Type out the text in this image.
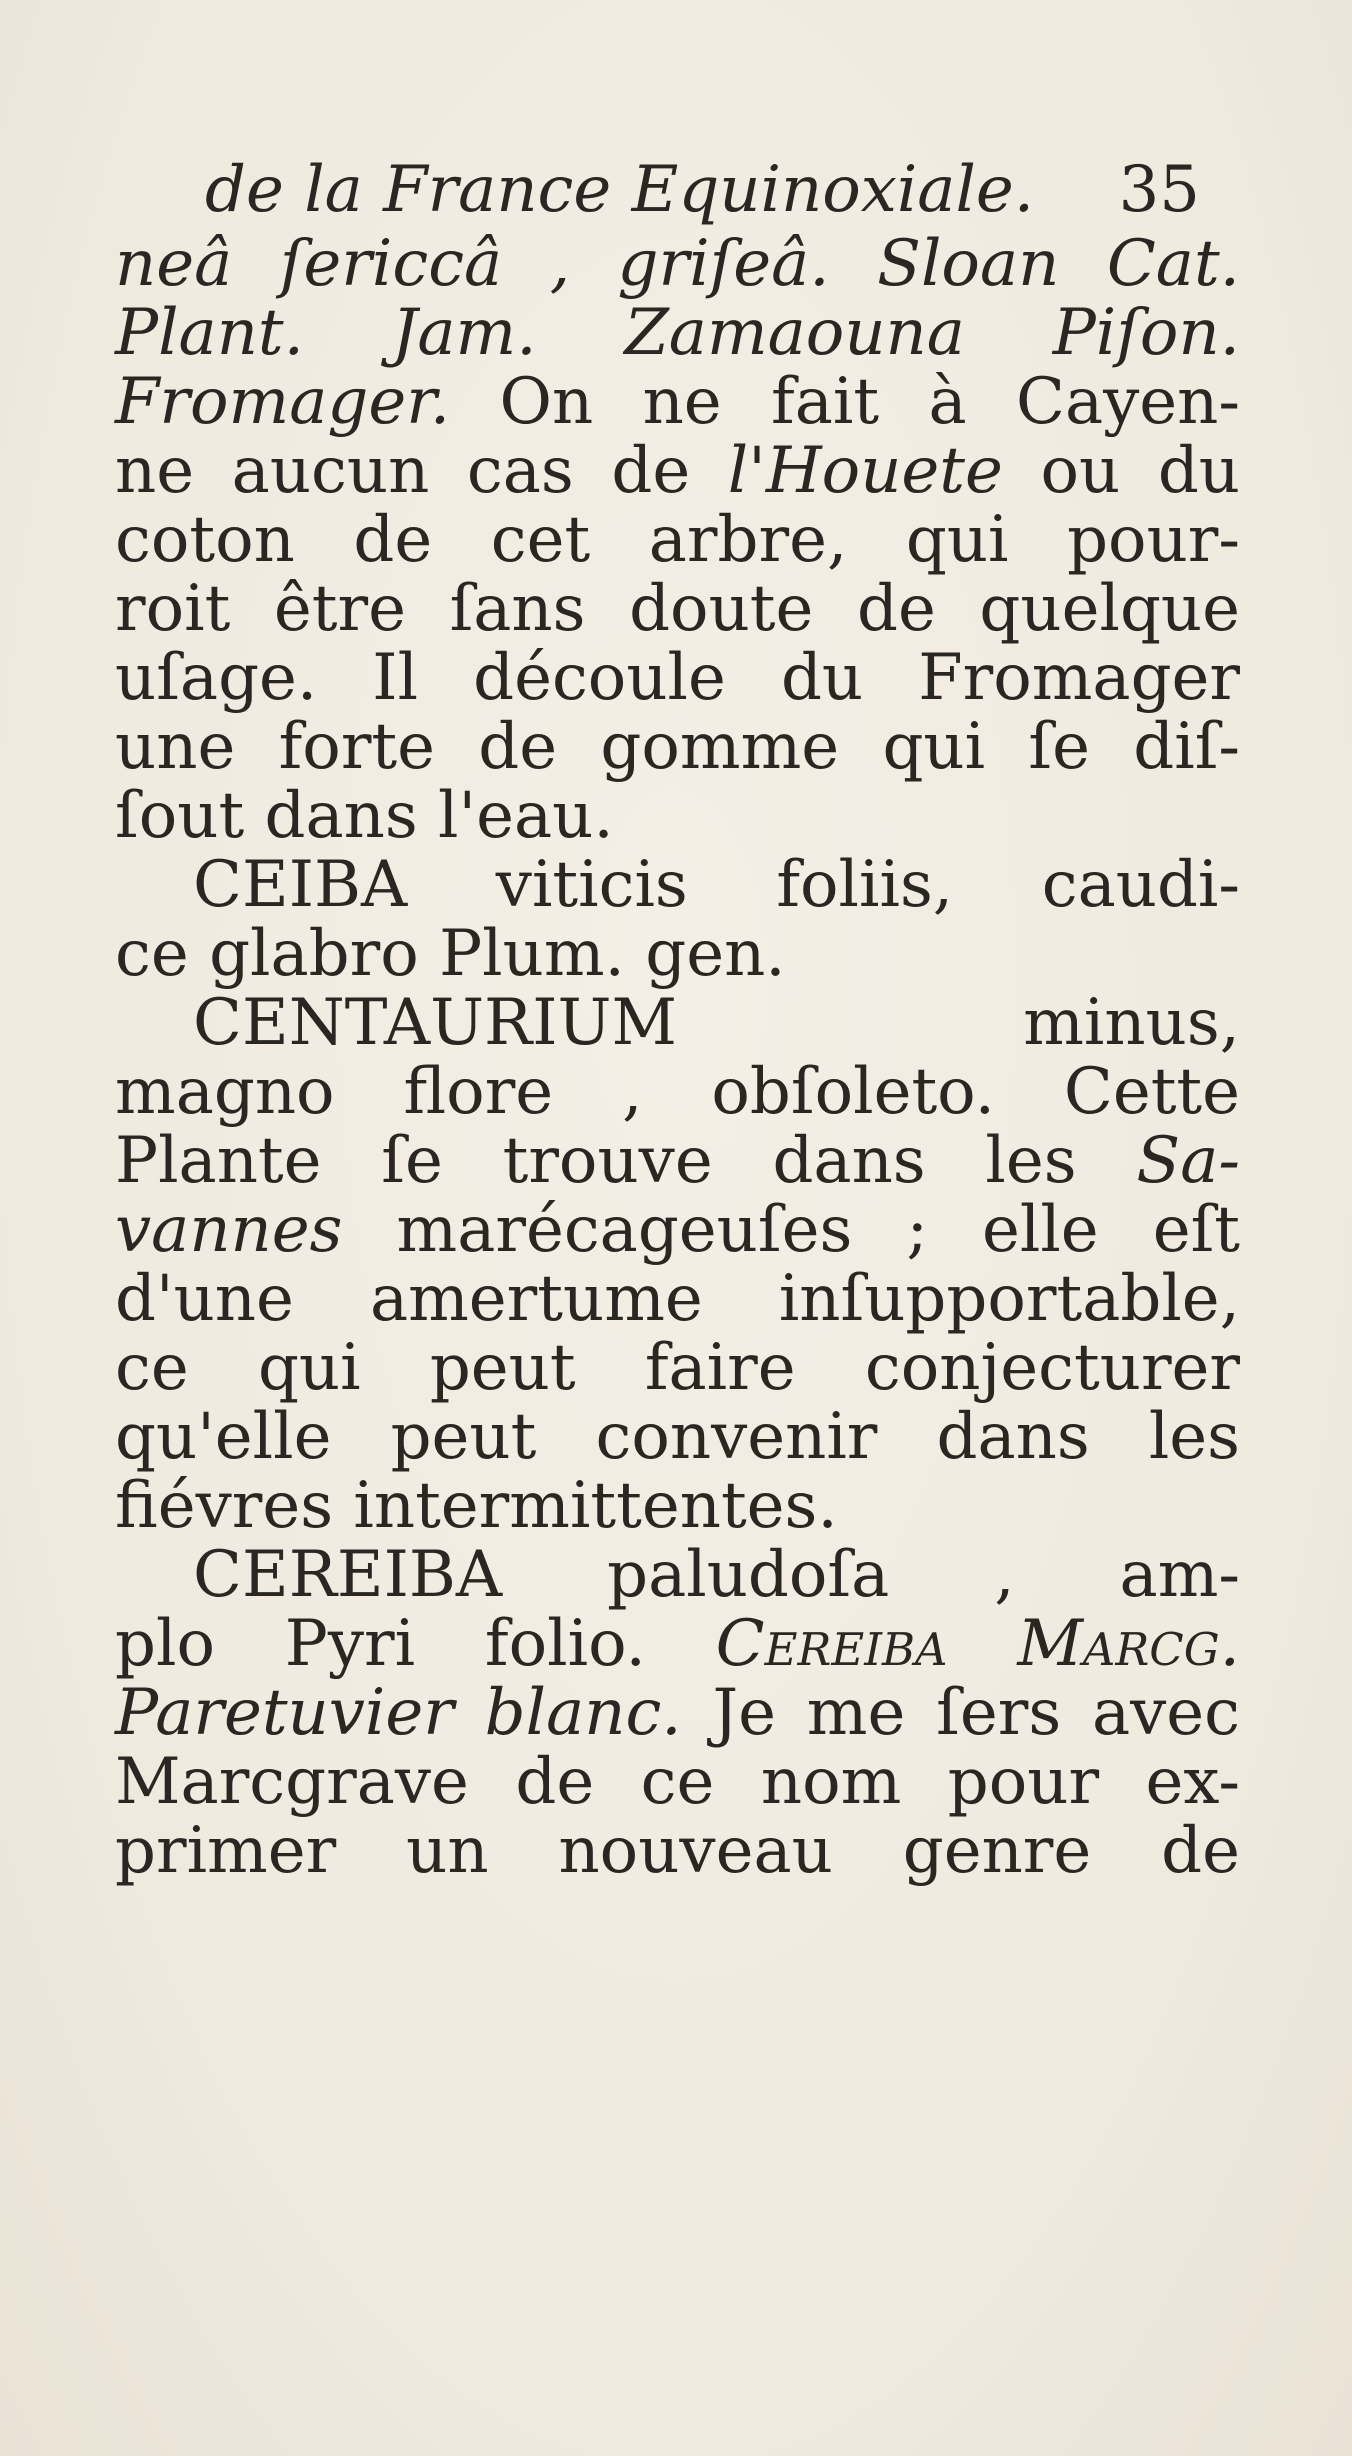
de la France Equinoxiale. 35
neâ ſericcâ , griſeâ. Sloan Cat.
Plant. Jam. Zamaouna Piſon.
Fromager. On ne fait à Cayen-
ne aucun cas de l'Houete ou du
coton de cet arbre, qui pour-
roit être ſans doute de quelque
uſage. Il découle du Fromager
une forte de gomme qui ſe diſ-
ſout dans l'eau.
CEIBA viticis foliis, caudi-
ce glabro Plum. gen.
CENTAURIUM minus,
magno flore , obſoleto. Cette
Plante ſe trouve dans les Sa-
vannes marécageuſes ; elle eſt
d'une amertume inſupportable,
ce qui peut faire conjecturer
qu'elle peut convenir dans les
fiévres intermittentes.
CEREIBA paludoſa , am-
plo Pyri folio. Cereiba Marcg.
Paretuvier blanc. Je me ſers avec
Marcgrave de ce nom pour ex-
primer un nouveau genre de
